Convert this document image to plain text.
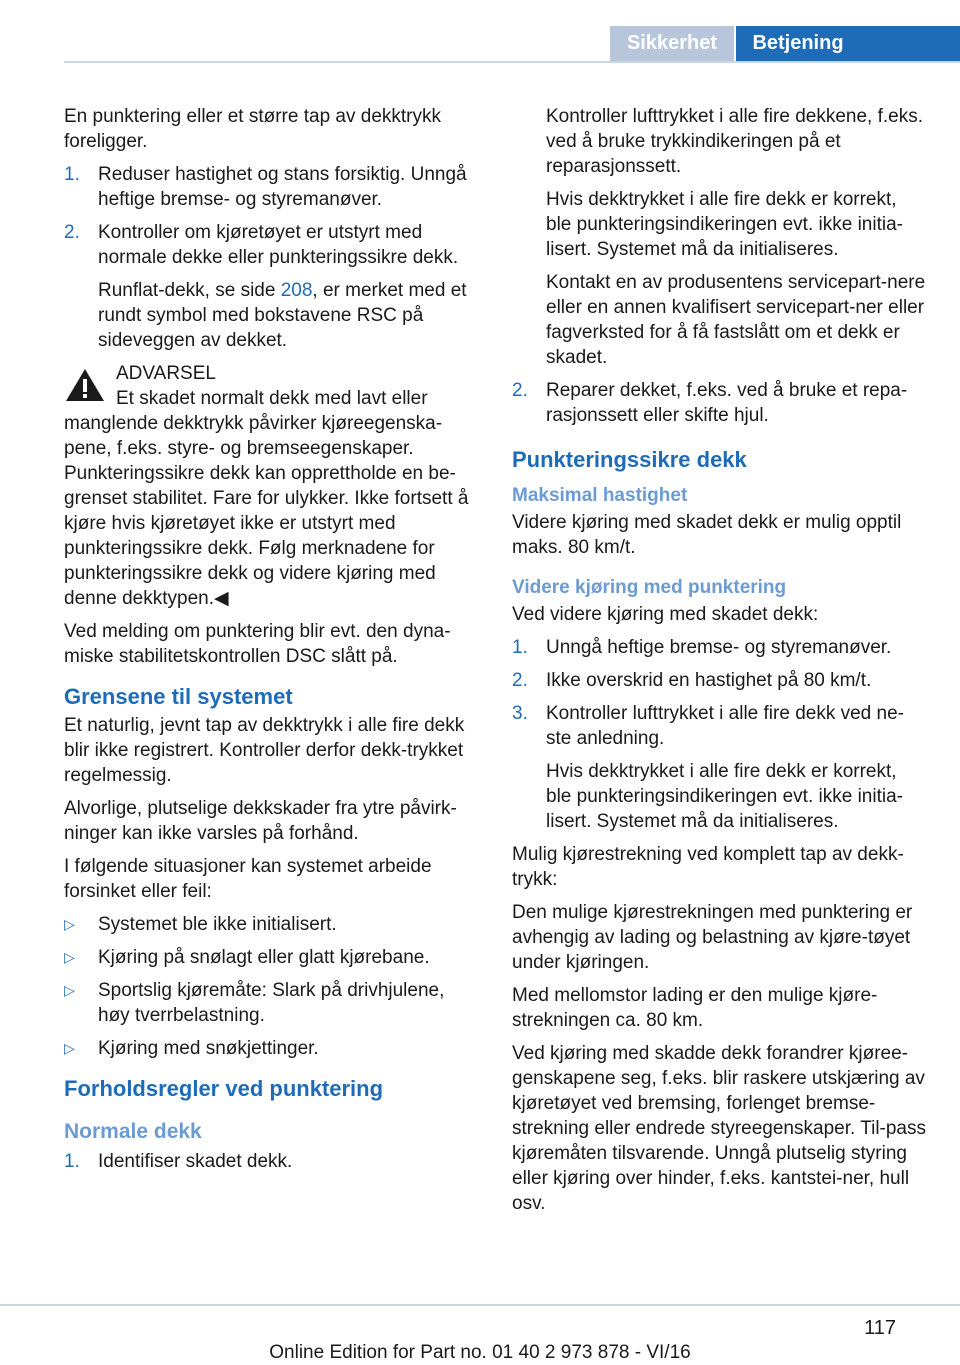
Sikkerhet	Betjening

En punktering eller et større tap av dekktrykk foreligger.

1. Reduser hastighet og stans forsiktig. Unngå heftige bremse- og styremanøver.
2. Kontroller om kjøretøyet er utstyrt med normale dekke eller punkteringssikre dekk.

Runflat-dekk, se side 208, er merket med et rundt symbol med bokstavene RSC på sideveggen av dekket.

ADVARSEL
Et skadet normalt dekk med lavt eller
manglende dekktrykk påvirker kjøreegenska-pene, f.eks. styre- og bremseegenskaper. Punkteringssikre dekk kan opprettholde en be-grenset stabilitet. Fare for ulykker. Ikke fortsett å kjøre hvis kjøretøyet ikke er utstyrt med punkteringssikre dekk. Følg merknadene for punkteringssikre dekk og videre kjøring med denne dekktypen.◀

Ved melding om punktering blir evt. den dyna-miske stabilitetskontrollen DSC slått på.

Grensene til systemet

Et naturlig, jevnt tap av dekktrykk i alle fire dekk blir ikke registrert. Kontroller derfor dekk-trykket regelmessig.

Alvorlige, plutselige dekkskader fra ytre påvirk-ninger kan ikke varsles på forhånd.

I følgende situasjoner kan systemet arbeide forsinket eller feil:

▷ Systemet ble ikke initialisert.
▷ Kjøring på snølagt eller glatt kjørebane.
▷ Sportslig kjøremåte: Slark på drivhjulene, høy tverrbelastning.
▷ Kjøring med snøkjettinger.
Forholdsregler ved punktering
Normale dekk
1. Identifiser skadet dekk.

Kontroller lufttrykket i alle fire dekkene, f.eks. ved å bruke trykkindikeringen på et reparasjonssett.

Hvis dekktrykket i alle fire dekk er korrekt, ble punkteringsindikeringen evt. ikke initia-lisert. Systemet må da initialiseres.

Kontakt en av produsentens servicepart-nere eller en annen kvalifisert servicepart-ner eller fagverksted for å få fastslått om et dekk er skadet.

2. Reparer dekket, f.eks. ved å bruke et repa-rasjonssett eller skifte hjul.
Punkteringssikre dekk
Maksimal hastighet

Videre kjøring med skadet dekk er mulig opptil maks. 80 km/t.

Videre kjøring med punktering

Ved videre kjøring med skadet dekk:

1. Unngå heftige bremse- og styremanøver.
2. Ikke overskrid en hastighet på 80 km/t.
3. Kontroller lufttrykket i alle fire dekk ved ne-ste anledning.

Hvis dekktrykket i alle fire dekk er korrekt, ble punkteringsindikeringen evt. ikke initia-lisert. Systemet må da initialiseres.

Mulig kjørestrekning ved komplett tap av dekk-trykk:

Den mulige kjørestrekningen med punktering er avhengig av lading og belastning av kjøre-tøyet under kjøringen.

Med mellomstor lading er den mulige kjøre-strekningen ca. 80 km.

Ved kjøring med skadde dekk forandrer kjøree-genskapene seg, f.eks. blir raskere utskjæring av kjøretøyet ved bremsing, forlenget bremse-strekning eller endrede styreegenskaper. Til-pass kjøremåten tilsvarende. Unngå plutselig styring eller kjøring over hinder, f.eks. kantstei-ner, hull osv.

117
Online Edition for Part no. 01 40 2 973 878 - VI/16
